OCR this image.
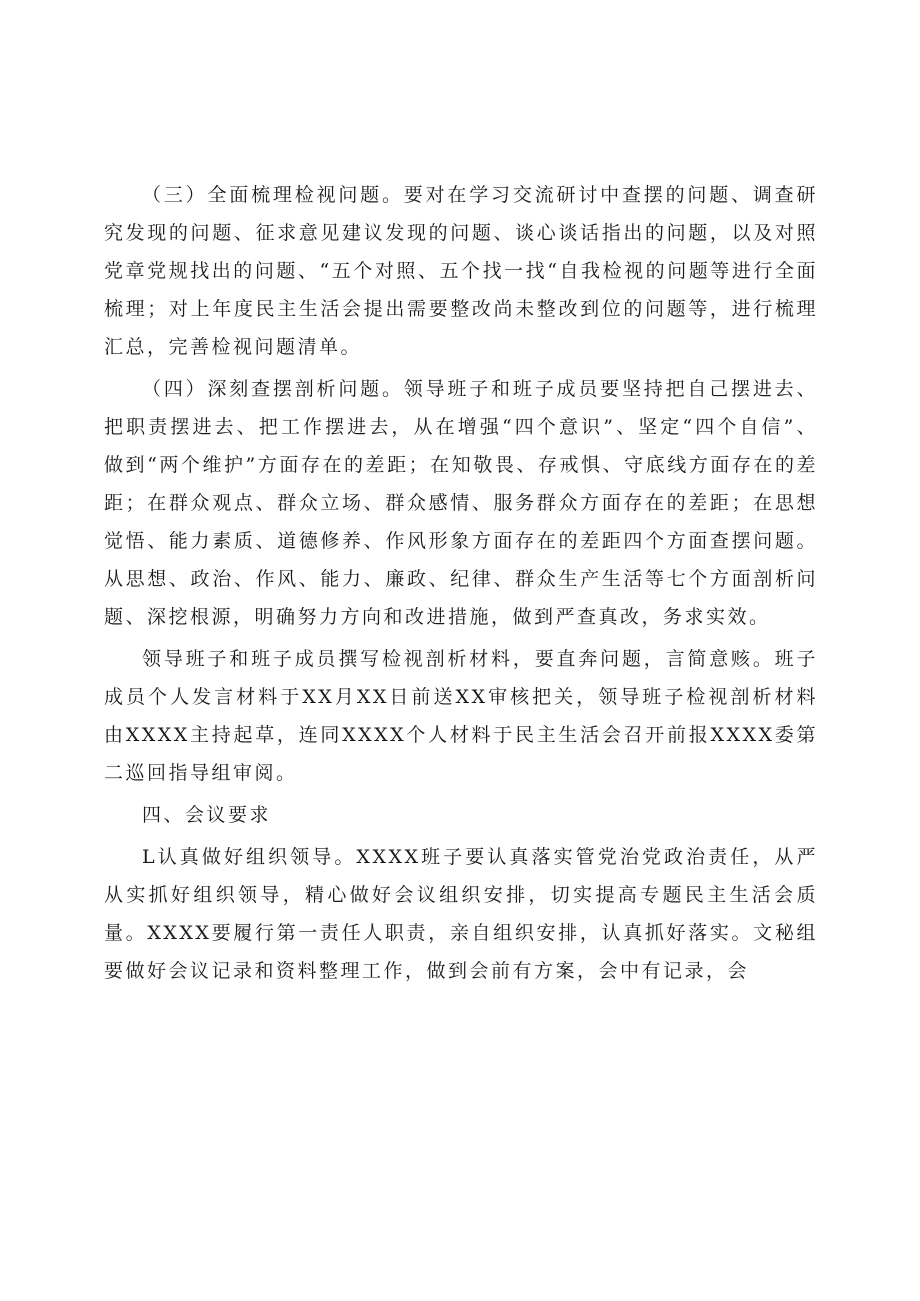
（三）全面梳理检视问题。要对在学习交流研讨中查摆的问题、调查研究发现的问题、征求意见建议发现的问题、谈心谈话指出的问题，以及对照党章党规找出的问题、“五个对照、五个找一找“自我检视的问题等进行全面梳理；对上年度民主生活会提出需要整改尚未整改到位的问题等，进行梳理汇总，完善检视问题清单。

（四）深刻查摆剖析问题。领导班子和班子成员要坚持把自己摆进去、把职责摆进去、把工作摆进去，从在增强“四个意识”、坚定“四个自信”、做到“两个维护”方面存在的差距；在知敬畏、存戒惧、守底线方面存在的差距；在群众观点、群众立场、群众感情、服务群众方面存在的差距；在思想觉悟、能力素质、道德修养、作风形象方面存在的差距四个方面查摆问题。从思想、政治、作风、能力、廉政、纪律、群众生产生活等七个方面剖析问题、深挖根源，明确努力方向和改进措施，做到严查真改，务求实效。

领导班子和班子成员撰写检视剖析材料，要直奔问题，言简意赅。班子成员个人发言材料于XX月XX日前送XX审核把关，领导班子检视剖析材料由XXXX主持起草，连同XXXX个人材料于民主生活会召开前报XXXX委第二巡回指导组审阅。

四、会议要求

L认真做好组织领导。XXXX班子要认真落实管党治党政治责任，从严从实抓好组织领导，精心做好会议组织安排，切实提高专题民主生活会质量。XXXX要履行第一责任人职责，亲自组织安排，认真抓好落实。文秘组要做好会议记录和资料整理工作，做到会前有方案，会中有记录，会
